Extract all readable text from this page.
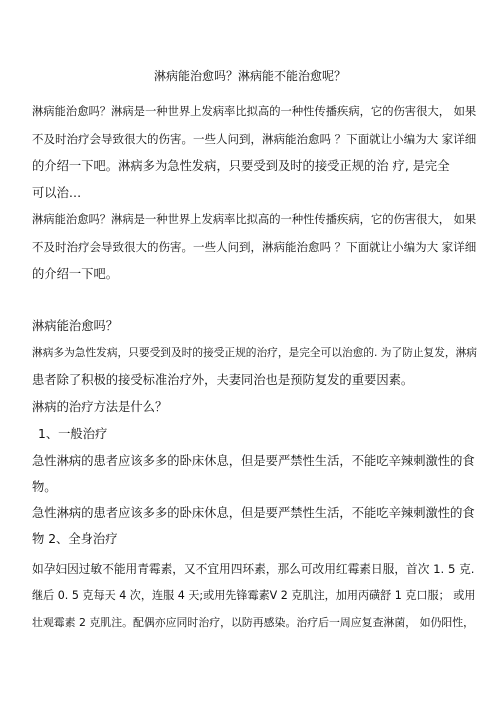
淋病能治愈吗？淋病能不能治愈呢？
淋病能治愈吗？淋病是一种世界上发病率比拟高的一种性传播疾病，它的伤害很大， 如果
不及时治疗会导致很大的伤害。一些人问到，淋病能治愈吗 ？下面就让小编为大 家详细
的介绍一下吧。淋病多为急性发病，只要受到及时的接受正规的治 疗, 是完全
可以治…
淋病能治愈吗？淋病是一种世界上发病率比拟高的一种性传播疾病，它的伤害很大， 如果
不及时治疗会导致很大的伤害。一些人问到，淋病能治愈吗 ？下面就让小编为大 家详细
的介绍一下吧。
淋病能治愈吗？
淋病多为急性发病，只要受到及时的接受正规的治疗，是完全可以治愈的. 为了防止复发，淋病
患者除了积极的接受标准治疗外，夫妻同治也是预防复发的重要因素。
淋病的治疗方法是什么？
1、一般治疗
急性淋病的患者应该多多的卧床休息，但是要严禁性生活，不能吃辛辣刺激性的食
物。
急性淋病的患者应该多多的卧床休息，但是要严禁性生活，不能吃辛辣刺激性的食
物 2、全身治疗
如孕妇因过敏不能用青霉素，又不宜用四环素，那么可改用红霉素日服，首次 1. 5 克.
继后 0. 5 克每天 4 次，连服 4 天;或用先锋霉素Ⅴ 2 克肌注，加用丙磺舒 1 克口服； 或用
壮观霉素 2 克肌注。配偶亦应同时治疗，以防再感染。治疗后一周应复查淋菌， 如仍阳性，
